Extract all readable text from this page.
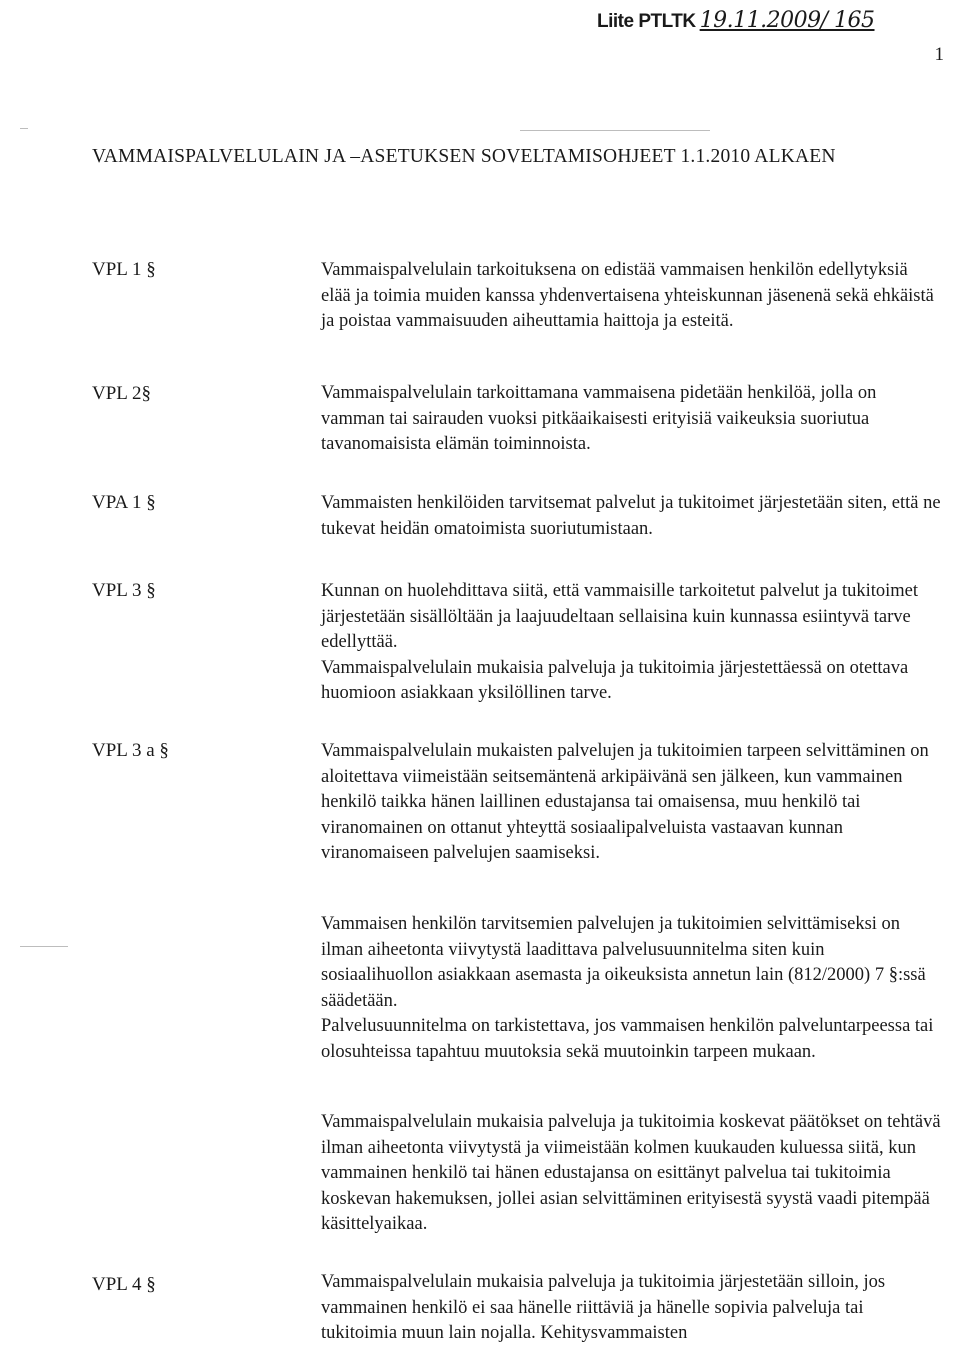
Liite PTLTK 19.11.2009/ 165
1
VAMMAISPALVELULAIN JA –ASETUKSEN SOVELTAMISOHJEET 1.1.2010 ALKAEN
VPL 1 §	Vammaispalvelulain tarkoituksena on edistää vammaisen henkilön edellytyksiä elää ja toimia muiden kanssa yhdenvertaisena yhteiskunnan jäsenenä sekä ehkäistä ja poistaa vammaisuuden aiheuttamia haittoja ja esteitä.

VPL 2§	Vammaispalvelulain tarkoittamana vammaisena pidetään henkilöä, jolla on vamman tai sairauden vuoksi pitkäaikaisesti erityisiä vaikeuksia suoriutua tavanomaisista elämän toiminnoista.

VPA 1 §	Vammaisten henkilöiden tarvitsemat palvelut ja tukitoimet järjestetään siten, että ne tukevat heidän omatoimista suoriutumistaan.

VPL 3 §	Kunnan on huolehdittava siitä, että vammaisille tarkoitetut palvelut ja tukitoimet järjestetään sisällöltään ja laajuudeltaan sellaisina kuin kunnassa esiintyvä tarve edellyttää.

Vammaispalvelulain mukaisia palveluja ja tukitoimia järjestettäessä on otettava huomioon asiakkaan yksilöllinen tarve.

VPL 3 a §	Vammaispalvelulain mukaisten palvelujen ja tukitoimien tarpeen selvittäminen on aloitettava viimeistään seitsemäntenä arkipäivänä sen jälkeen, kun vammainen henkilö taikka hänen laillinen edustajansa tai omaisensa, muu henkilö tai viranomainen on ottanut yhteyttä sosiaalipalveluista vastaavan kunnan viranomaiseen palvelujen saamiseksi.

Vammaisen henkilön tarvitsemien palvelujen ja tukitoimien selvittämiseksi on ilman aiheetonta viivytystä laadittava palvelusuunnitelma siten kuin sosiaalihuollon asiakkaan asemasta ja oikeuksista annetun lain (812/2000) 7 §:ssä säädetään.

Palvelusuunnitelma on tarkistettava, jos vammaisen henkilön palveluntarpeessa tai olosuhteissa tapahtuu muutoksia sekä muutoinkin tarpeen mukaan.

Vammaispalvelulain mukaisia palveluja ja tukitoimia koskevat päätökset on tehtävä ilman aiheetonta viivytystä ja viimeistään kolmen kuukauden kuluessa siitä, kun vammainen henkilö tai hänen edustajansa on esittänyt palvelua tai tukitoimia koskevan hakemuksen, jollei asian selvittäminen erityisestä syystä vaadi pitempää käsittelyaikaa.

VPL 4 §	Vammaispalvelulain mukaisia palveluja ja tukitoimia järjestetään silloin, jos vammainen henkilö ei saa hänelle riittäviä ja hänelle sopivia palveluja tai tukitoimia muun lain nojalla. Kehitysvammaisten
